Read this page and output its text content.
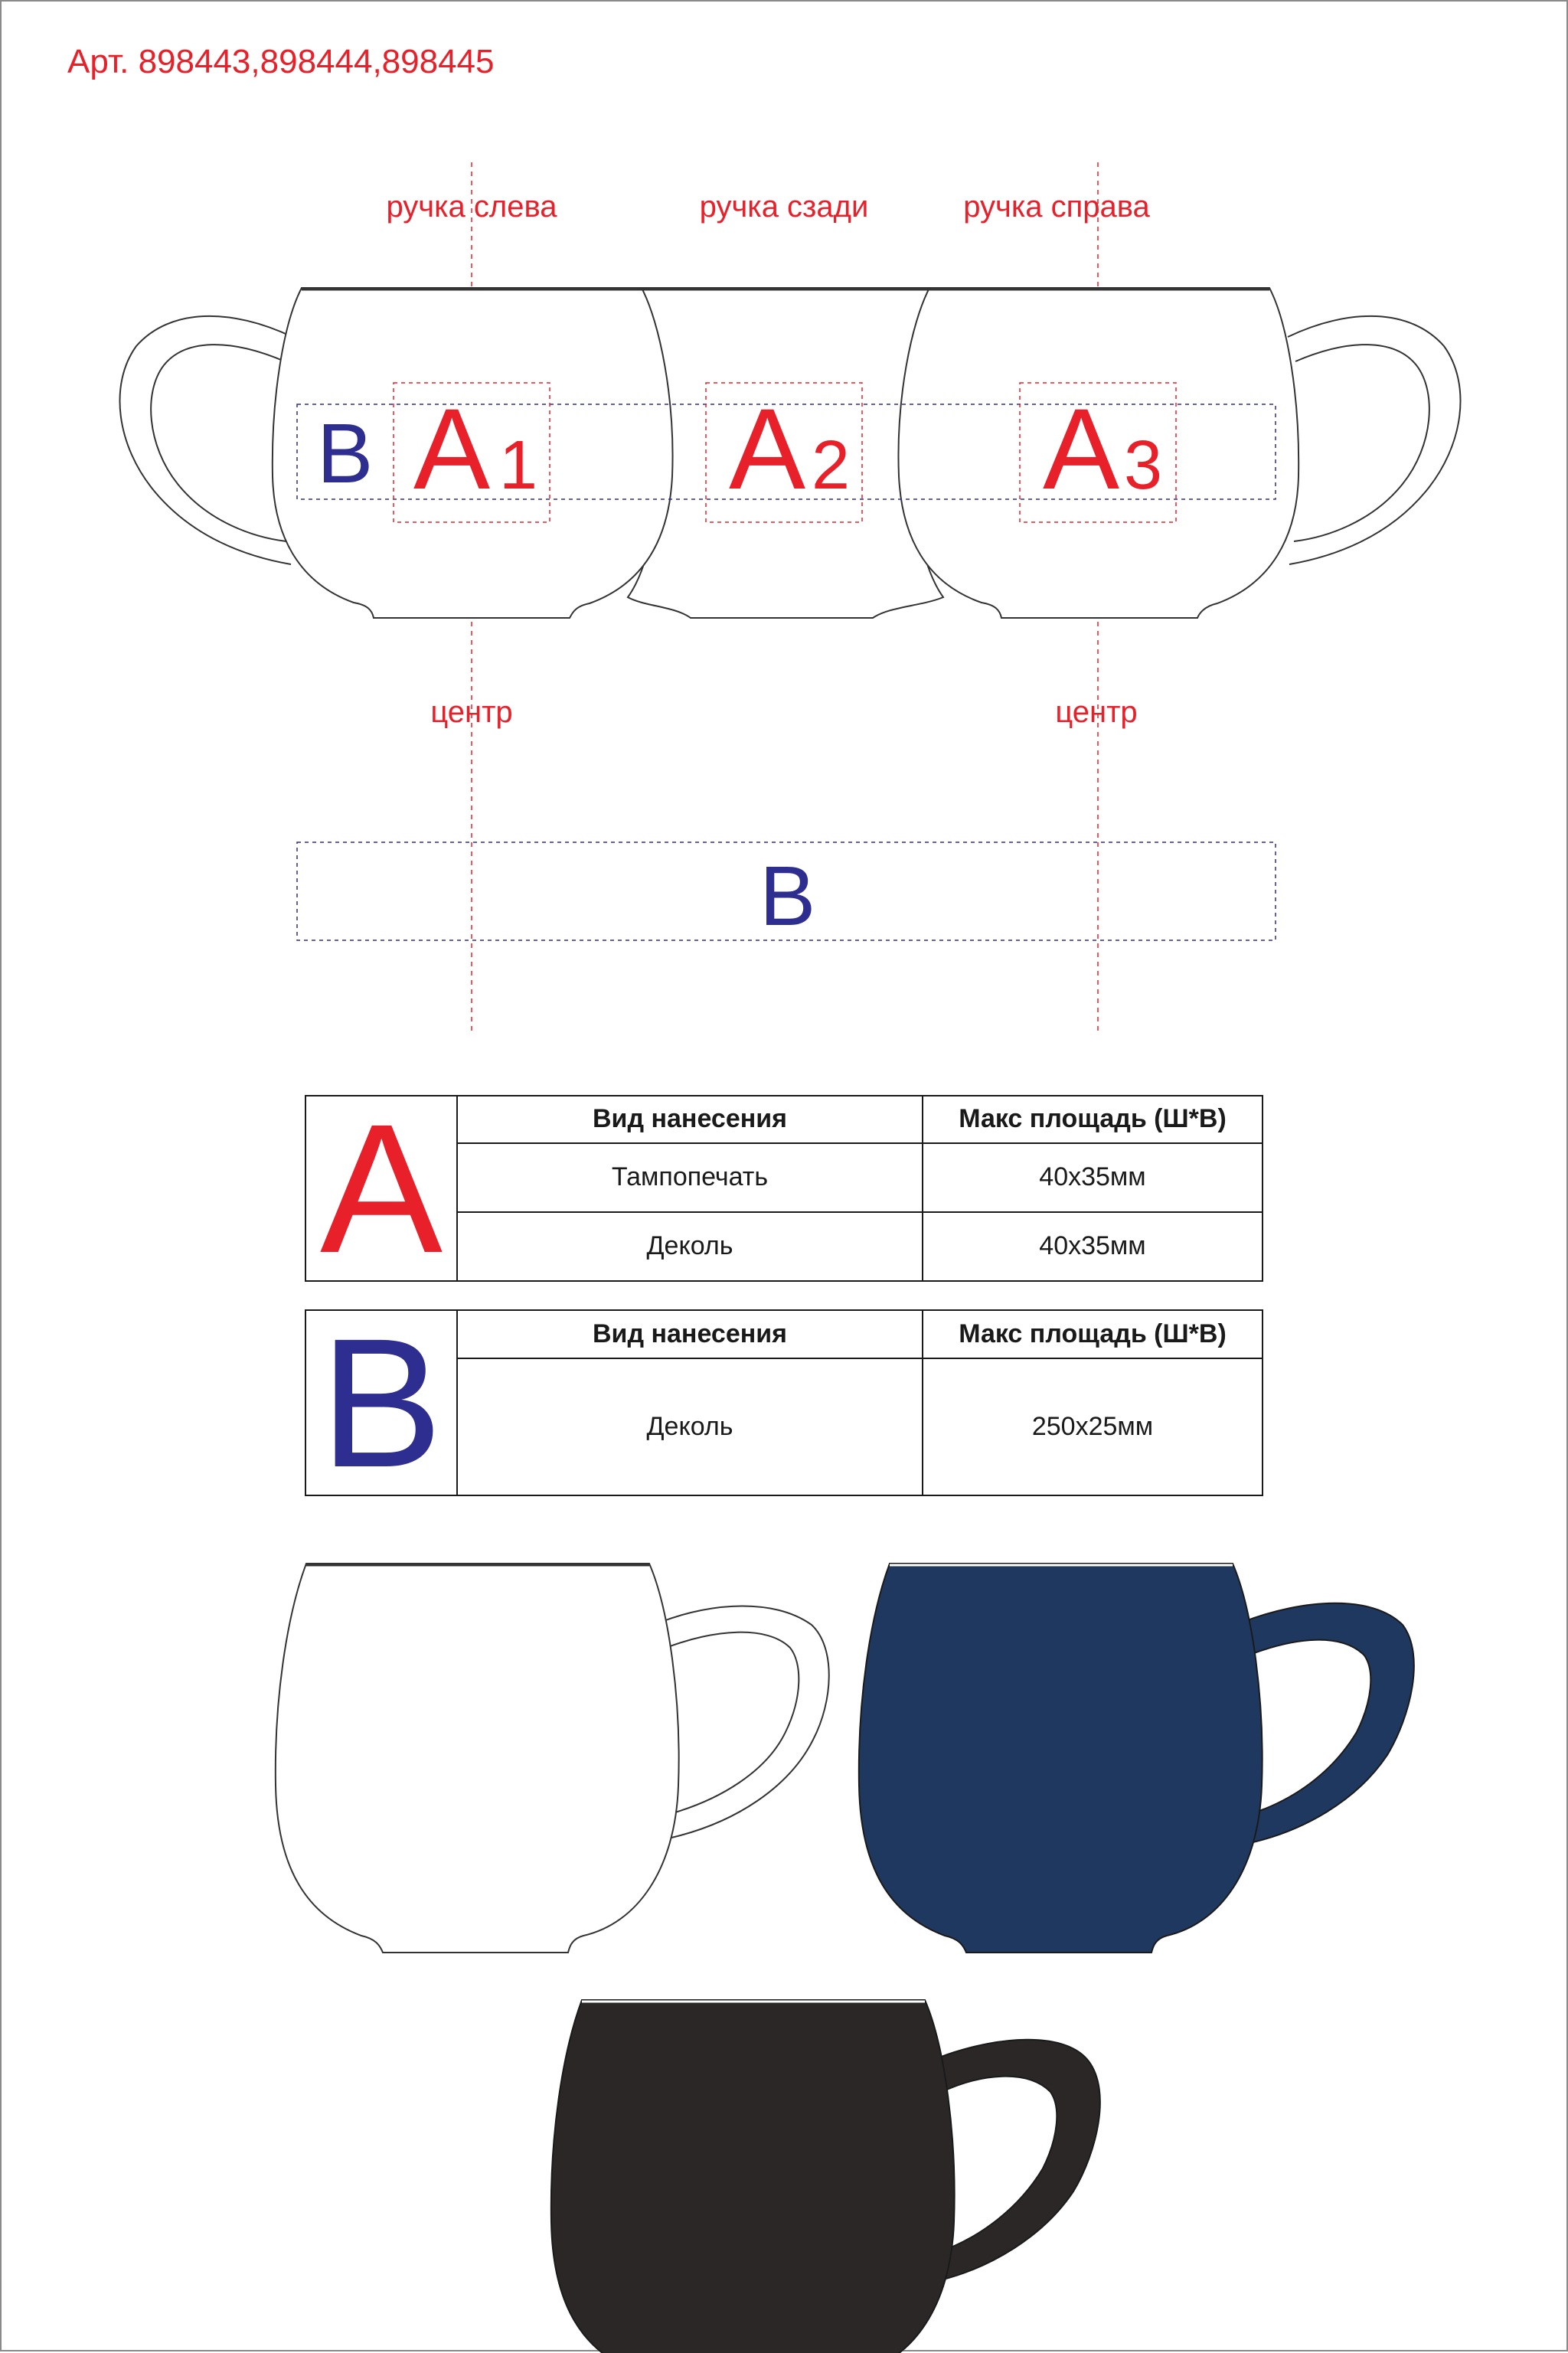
Арт. 898443,898444,898445
ручка слева	ручка сзади	ручка справа
центр	центр
B A 1 A 2 A 3
B
A	Вид нанесения	Макс площадь (Ш*В)
	Тампопечать	40х35мм
	Деколь	40х35мм
B	Вид нанесения	Макс площадь (Ш*В)
	Деколь	250х25мм
